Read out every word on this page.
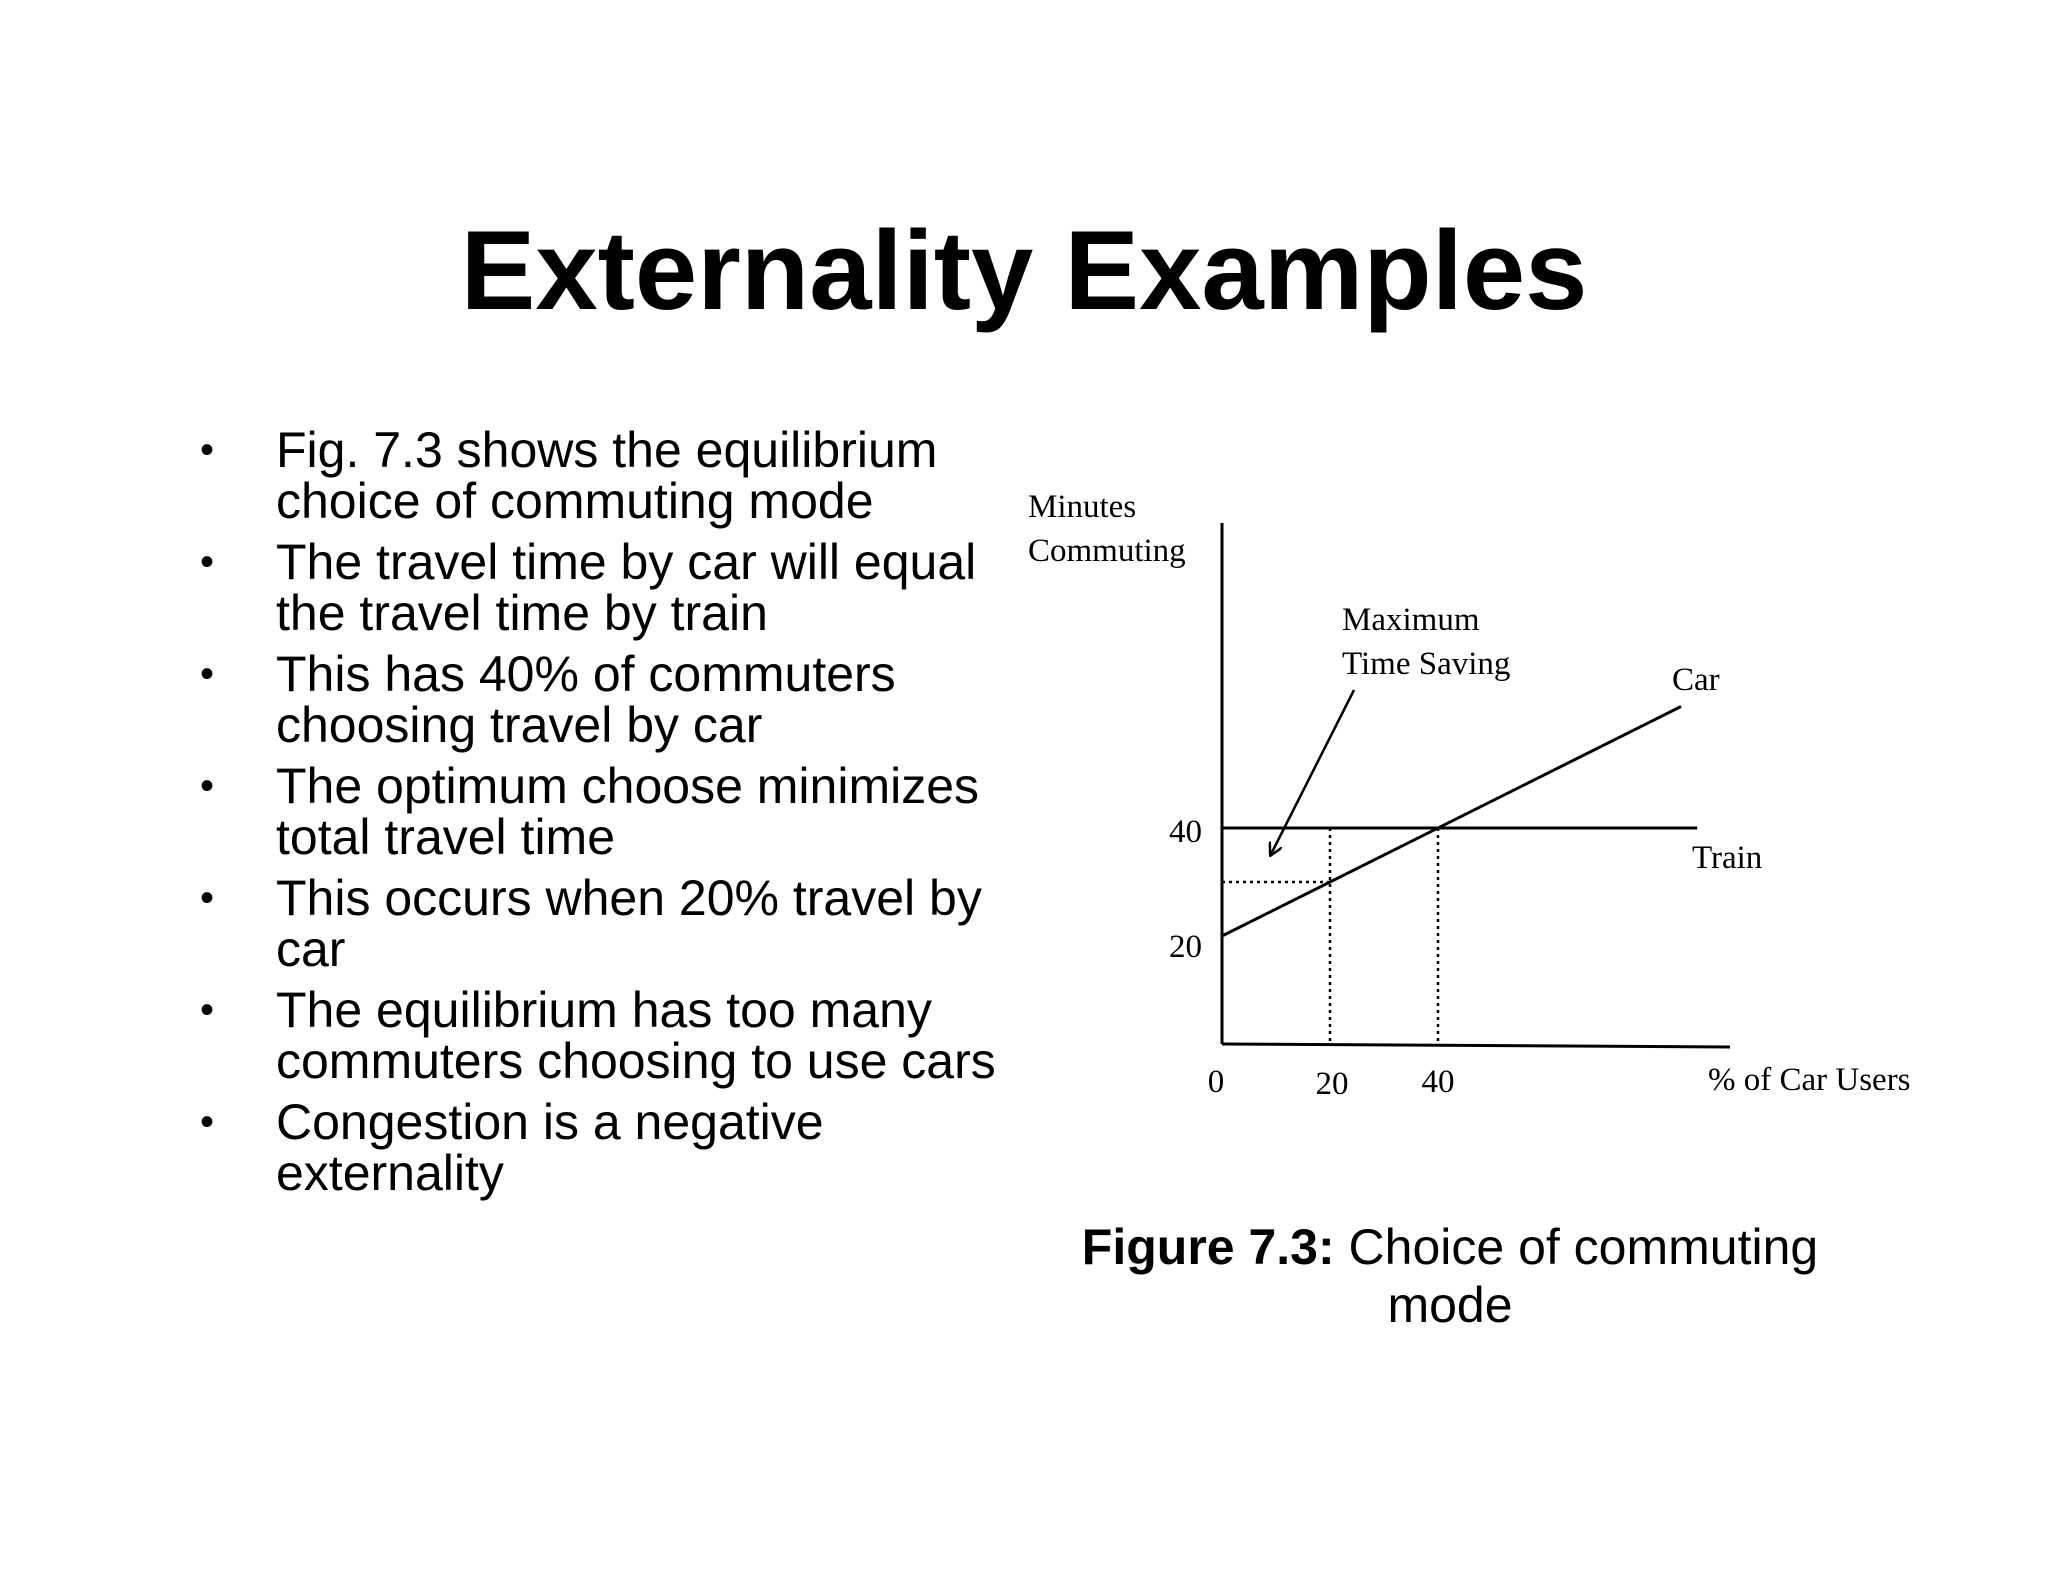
Externality Examples
• Fig. 7.3 shows the equilibrium choice of commuting mode
• The travel time by car will equal the travel time by train
• This has 40% of commuters choosing travel by car
• The optimum choose minimizes total travel time
• This occurs when 20% travel by car
• The equilibrium has too many commuters choosing to use cars
• Congestion is a negative externality
Minutes
Commuting
% of Car Users
0	20 40
40
20
Car
Train
Maximum
Time Saving
Figure 7.3: Choice of commuting
mode
